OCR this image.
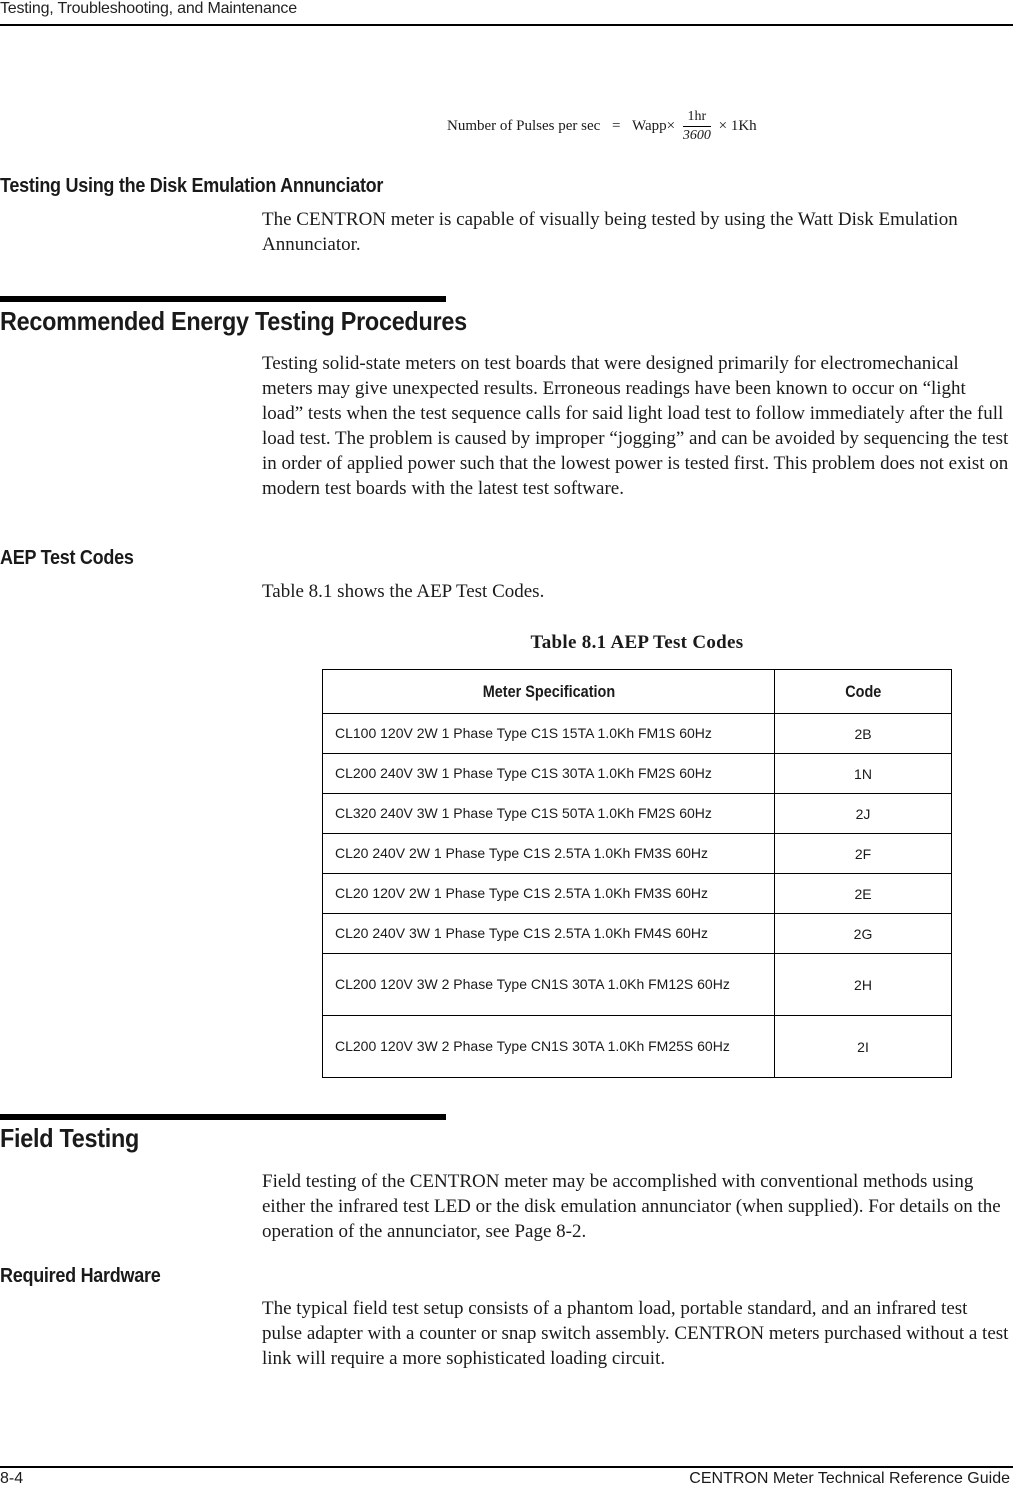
Testing, Troubleshooting, and Maintenance
Number of Pulses per sec = Wapp× $\frac{1hr}{3600} \times 1Kh$
Testing Using the Disk Emulation Annunciator

The CENTRON meter is capable of visually being tested by using the Watt Disk Emulation Annunciator.

Recommended Energy Testing Procedures

Testing solid-state meters on test boards that were designed primarily for electromechanical meters may give unexpected results. Erroneous readings have been known to occur on “light load” tests when the test sequence calls for said light load test to follow immediately after the full load test. The problem is caused by improper “jogging” and can be avoided by sequencing the test in order of applied power such that the lowest power is tested first. This problem does not exist on modern test boards with the latest test software.

AEP Test Codes

Table 8.1 shows the AEP Test Codes.

Table 8.1 AEP Test Codes
Meter Specification	Code
CL100 120V 2W 1 Phase Type C1S 15TA 1.0Kh FM1S 60Hz	2B
CL200 240V 3W 1 Phase Type C1S 30TA 1.0Kh FM2S 60Hz	1N
CL320 240V 3W 1 Phase Type C1S 50TA 1.0Kh FM2S 60Hz	2J
CL20 240V 2W 1 Phase Type C1S 2.5TA 1.0Kh FM3S 60Hz	2F
CL20 120V 2W 1 Phase Type C1S 2.5TA 1.0Kh FM3S 60Hz	2E
CL20 240V 3W 1 Phase Type C1S 2.5TA 1.0Kh FM4S 60Hz	2G
CL200 120V 3W 2 Phase Type CN1S 30TA 1.0Kh FM12S 60Hz	2H
CL200 120V 3W 2 Phase Type CN1S 30TA 1.0Kh FM25S 60Hz	2I
Field Testing

Field testing of the CENTRON meter may be accomplished with conventional methods using either the infrared test LED or the disk emulation annunciator (when supplied). For details on the operation of the annunciator, see Page 8-2.

Required Hardware

The typical field test setup consists of a phantom load, portable standard, and an infrared test pulse adapter with a counter or snap switch assembly. CENTRON meters purchased without a test link will require a more sophisticated loading circuit.

8-4	CENTRON Meter Technical Reference Guide
